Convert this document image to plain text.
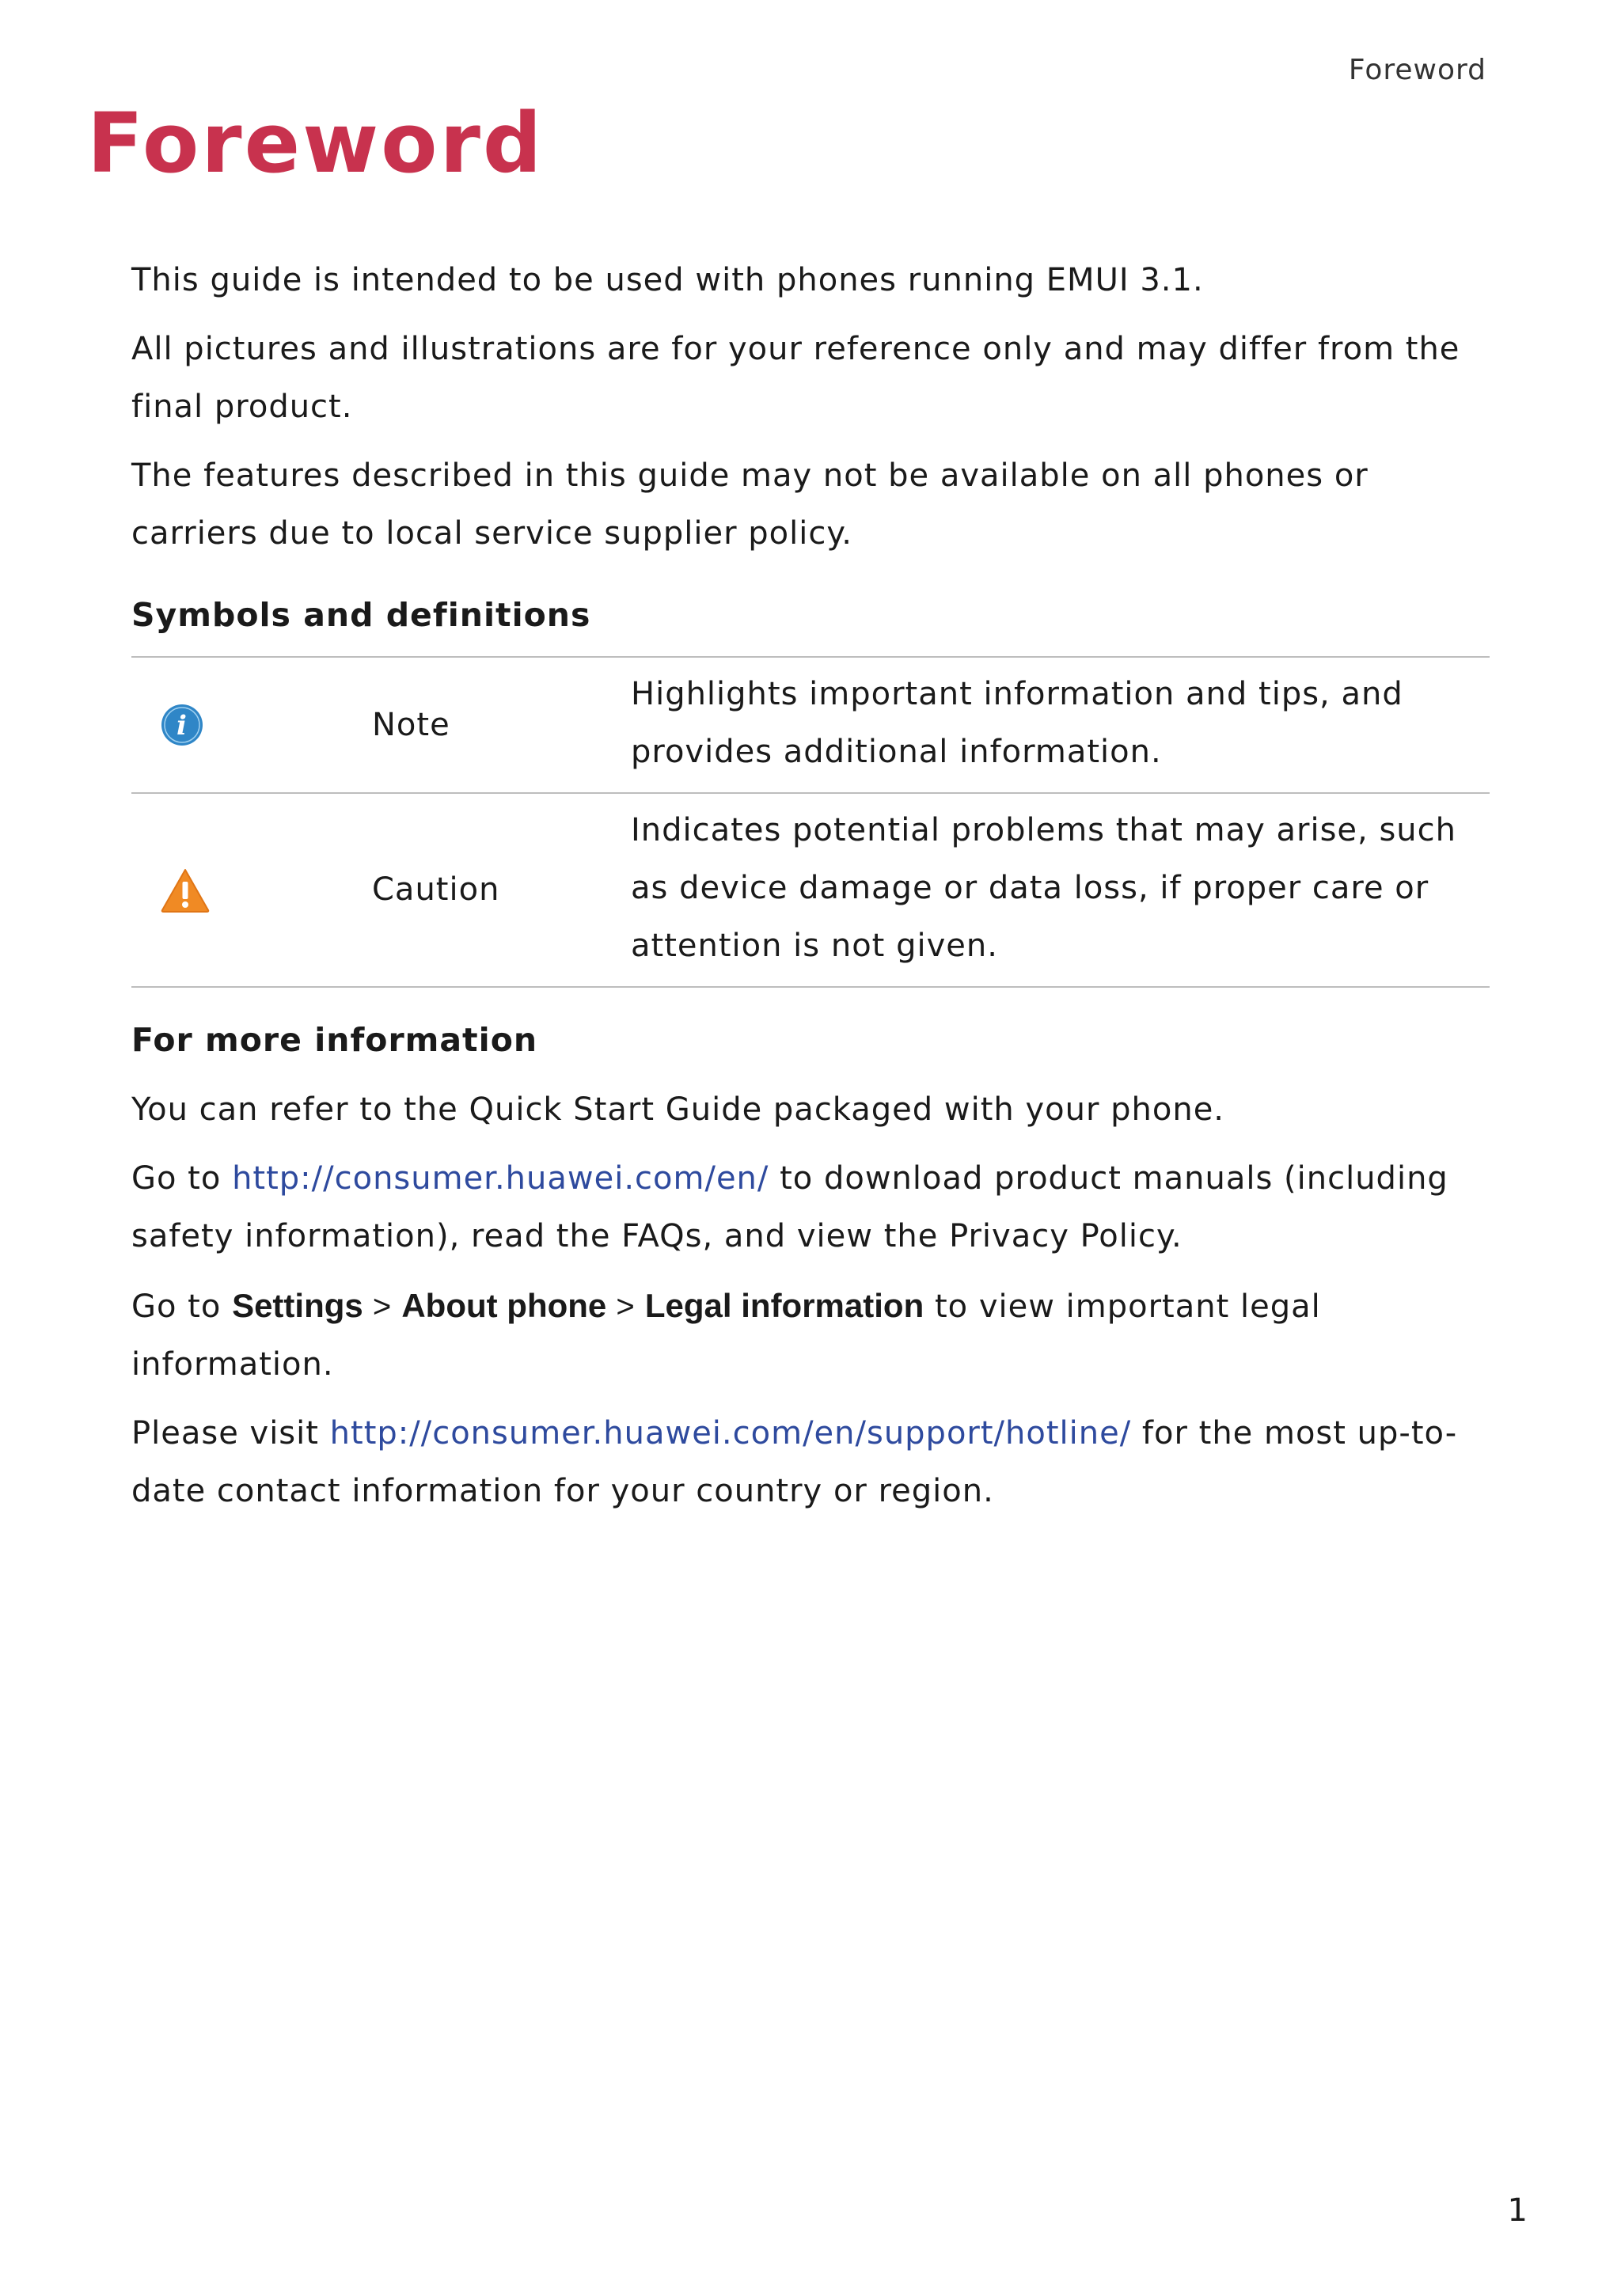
Foreword
Foreword

This guide is intended to be used with phones running EMUI 3.1.

All pictures and illustrations are for your reference only and may differ from the final product.

The features described in this guide may not be available on all phones or carriers due to local service supplier policy.

Symbols and definitions
i	Note	Highlights important information and tips, and provides additional information.

	Caution	Indicates potential problems that may arise, such as device damage or data loss, if proper care or attention is not given.
For more information

You can refer to the Quick Start Guide packaged with your phone.

Go to http://consumer.huawei.com/en/ to download product manuals (including safety information), read the FAQs, and view the Privacy Policy.

Go to Settings > About phone > Legal information to view important legal information.

Please visit http://consumer.huawei.com/en/support/hotline/ for the most up-to-date contact information for your country or region.

1
